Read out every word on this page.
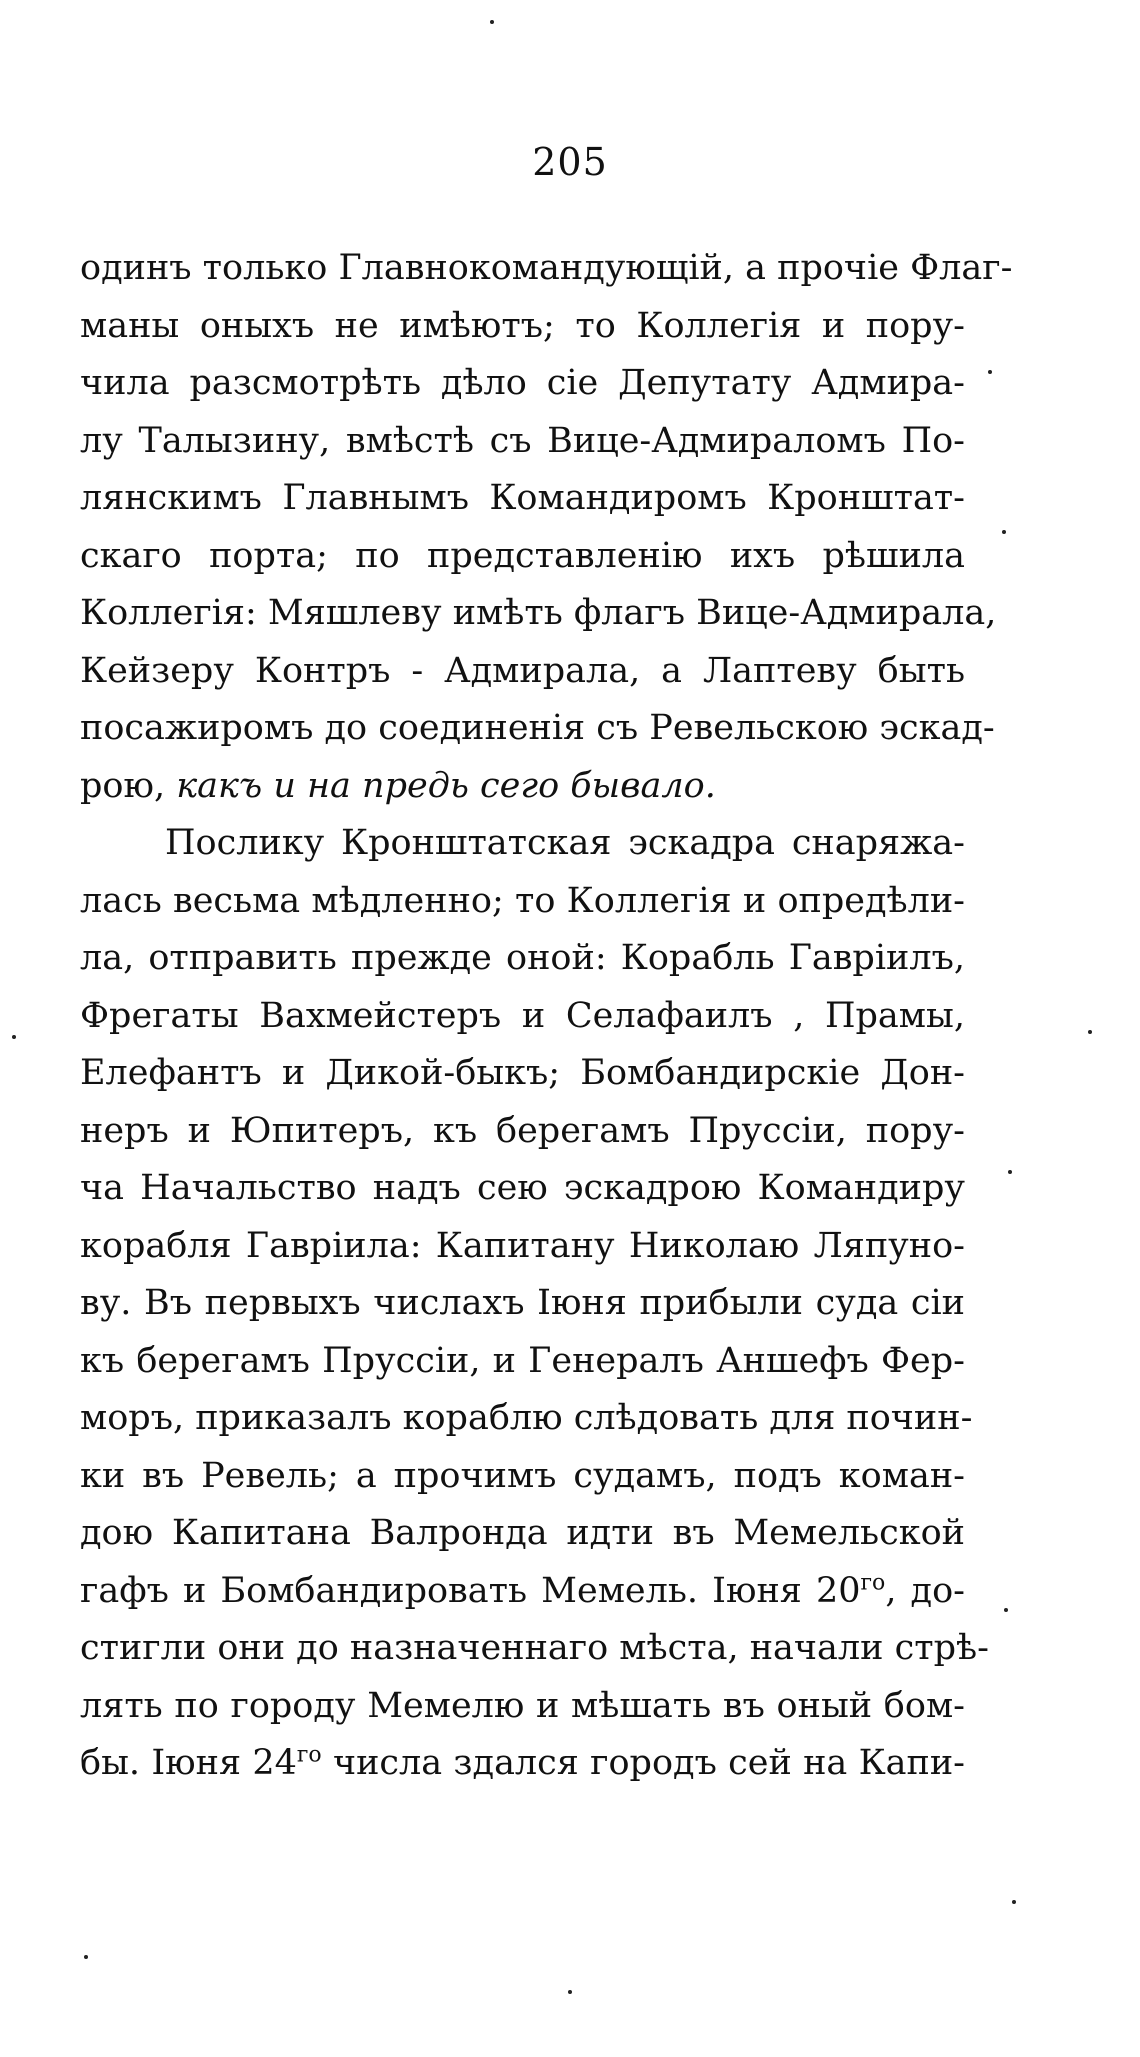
205
одинъ только Главнокомандующій, а прочіе Флаг-
маны оныхъ не имѣютъ; то Коллегія и пору-
чила разсмотрѣть дѣло сіе Депутату Адмира-
лу Талызину, вмѣстѣ съ Вице-Адмираломъ По-
лянскимъ Главнымъ Командиромъ Кронштат-
скаго порта; по представленію ихъ рѣшила
Коллегія: Мяшлеву имѣть флагъ Вице-Адмирала,
Кейзеру Контръ - Адмирала, а Лаптеву быть
посажиромъ до соединенія съ Ревельскою эскад-
рою, какъ и на предь сего бывало.
Послику Кронштатская эскадра снаряжа-
лась весьма мѣдленно; то Коллегія и опредѣли-
ла, отправить прежде оной: Корабль Гавріилъ,
Фрегаты Вахмейстеръ и Селафаилъ , Прамы,
Елефантъ и Дикой-быкъ; Бомбандирскіе Дон-
неръ и Юпитеръ, къ берегамъ Пруссіи, пору-
ча Начальство надъ сею эскадрою Командиру
корабля Гавріила: Капитану Николаю Ляпуно-
ву. Въ первыхъ числахъ Іюня прибыли суда сіи
къ берегамъ Пруссіи, и Генералъ Аншефъ Фер-
моръ, приказалъ кораблю слѣдовать для почин-
ки въ Ревель; а прочимъ судамъ, подъ коман-
дою Капитана Валронда идти въ Мемельской
гафъ и Бомбандировать Мемель. Іюня $20^{го}$, до-
стигли они до назначеннаго мѣста, начали стрѣ-
лять по городу Мемелю и мѣшать въ оный бом-
бы. Іюня $24^{го}$ числа здался городъ сей на Капи-
